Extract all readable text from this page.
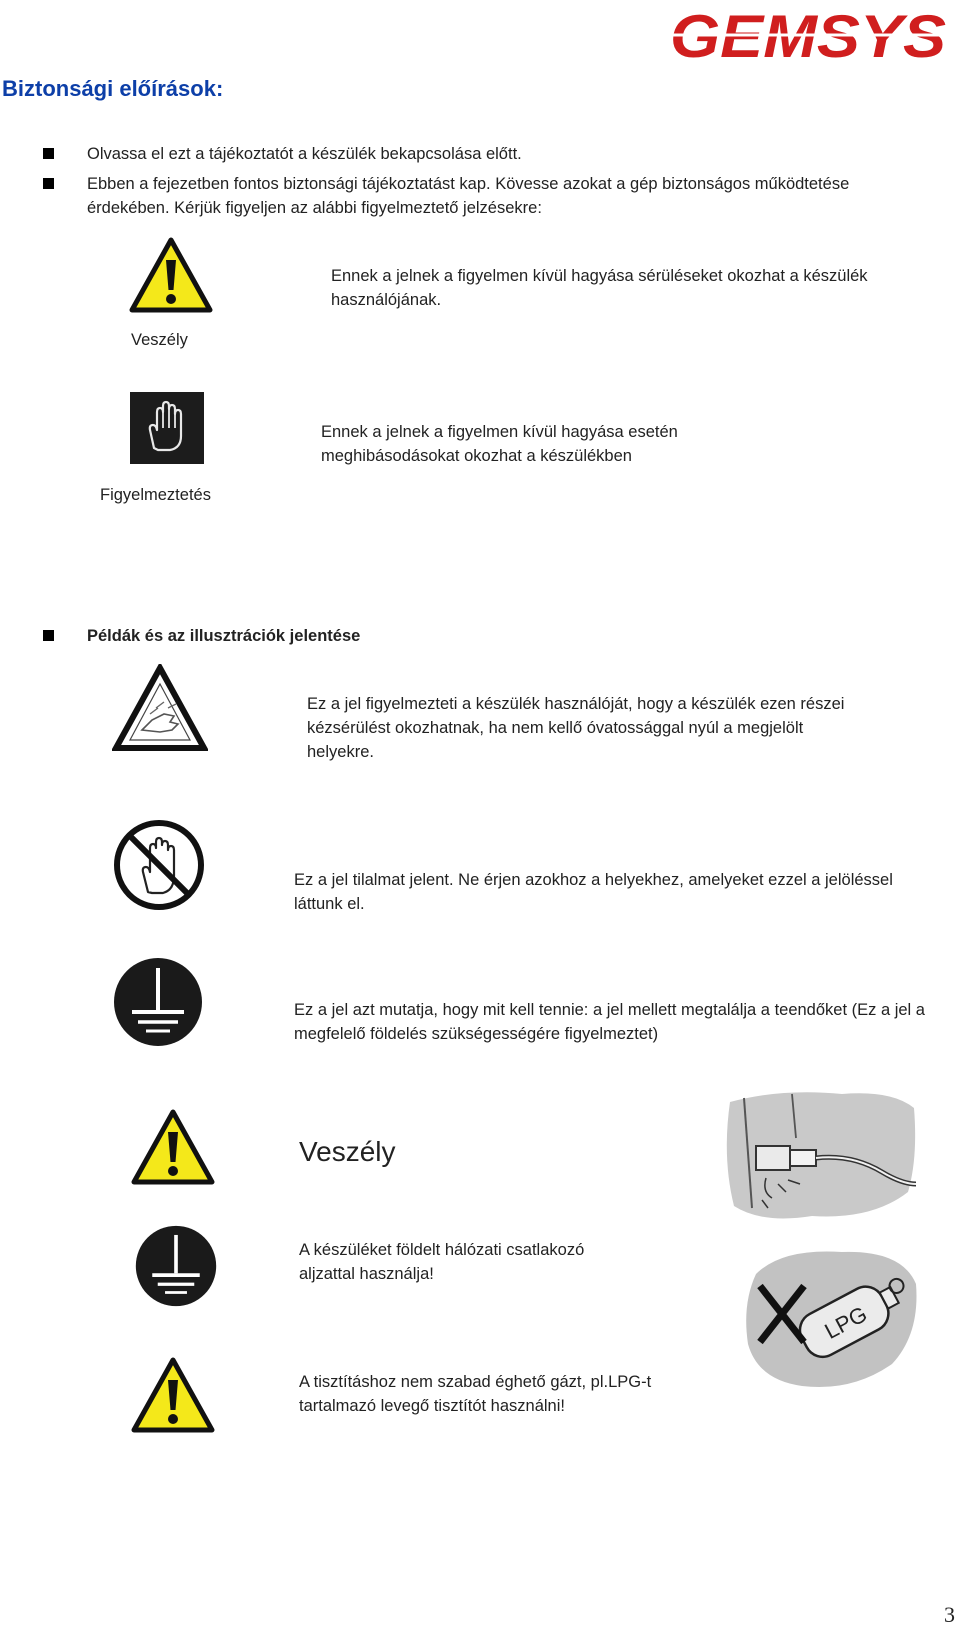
GEMSYS
Biztonsági előírások:
Olvassa el ezt a tájékoztatót a készülék bekapcsolása előtt.
Ebben a fejezetben fontos biztonsági tájékoztatást kap. Kövesse azokat a gép biztonságos működtetése érdekében. Kérjük figyeljen az alábbi figyelmeztető jelzésekre:
Ennek a jelnek a figyelmen kívül hagyása sérüléseket okozhat a készülék használójának.
Veszély
Ennek a jelnek a figyelmen kívül hagyása esetén meghibásodásokat okozhat a készülékben
Figyelmeztetés
Példák és az illusztrációk jelentése
Ez a jel figyelmezteti a készülék használóját, hogy a készülék ezen részei kézsérülést okozhatnak, ha nem kellő óvatossággal nyúl a megjelölt helyekre.
Ez a jel tilalmat jelent. Ne érjen azokhoz a helyekhez, amelyeket ezzel a jelöléssel láttunk el.
Ez a jel azt mutatja, hogy mit kell tennie: a jel mellett megtalálja a teendőket (Ez a jel a megfelelő földelés szükségességére figyelmeztet)
Veszély
A készüléket földelt hálózati csatlakozó aljzattal használja!
A tisztításhoz nem szabad éghető gázt, pl.LPG-t tartalmazó levegő tisztítót használni!
LPG
3
